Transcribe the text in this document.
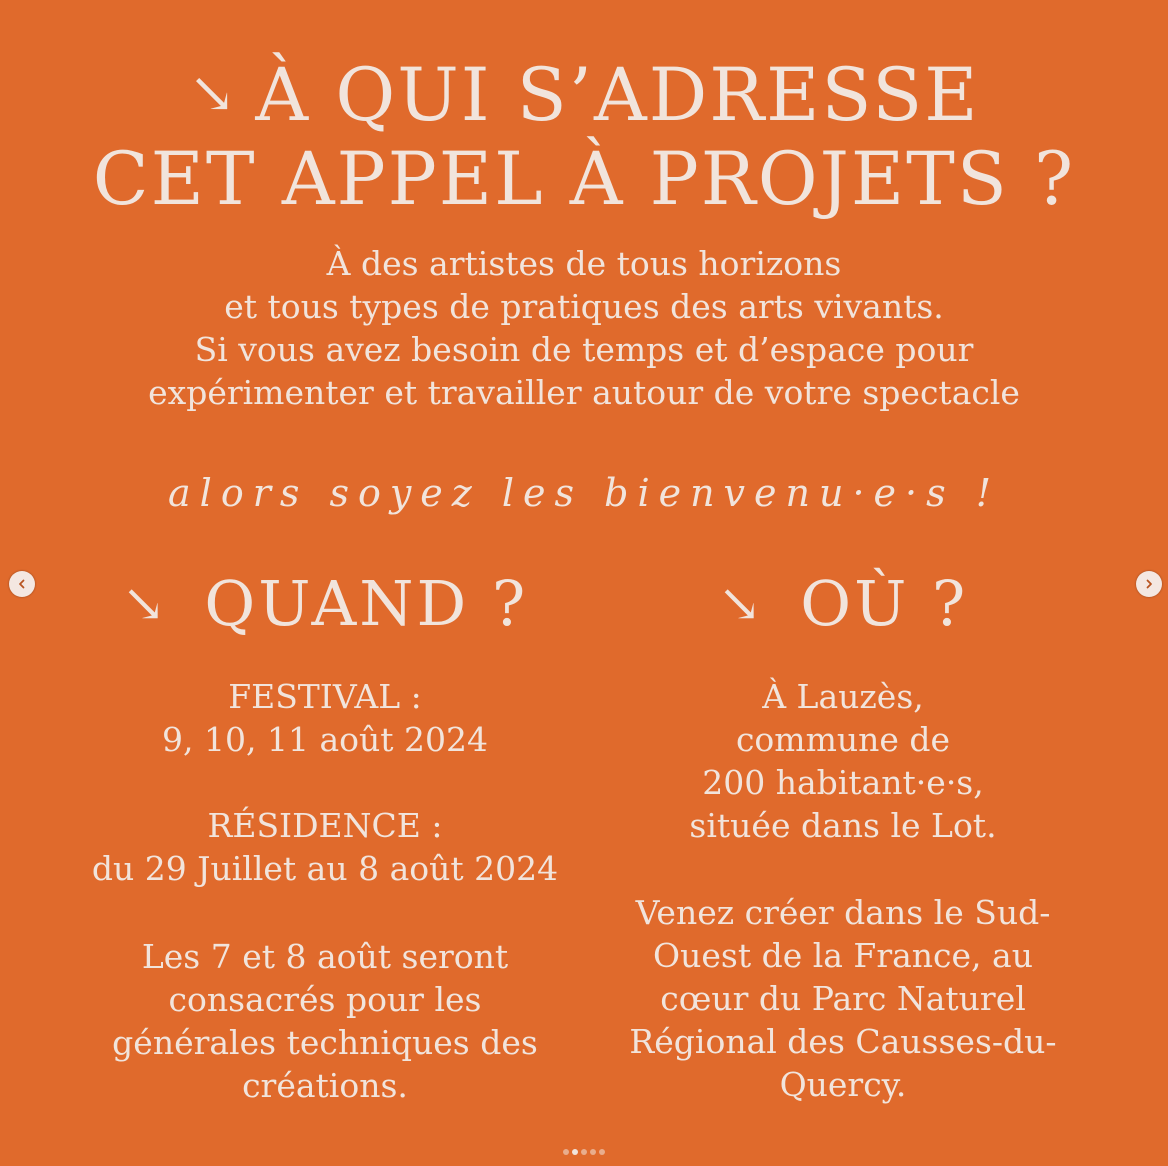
↘ À QUI S’ADRESSE
CET APPEL À PROJETS ?
À des artistes de tous horizons
et tous types de pratiques des arts vivants.
Si vous avez besoin de temps et d’espace pour
expérimenter et travailler autour de votre spectacle
alors soyez les bienvenu·e·s !
↘ QUAND ?
FESTIVAL :
9, 10, 11 août 2024
RÉSIDENCE :
du 29 Juillet au 8 août 2024
Les 7 et 8 août seront
consacrés pour les
générales techniques des
créations.
↘ OÙ ?
À Lauzès,
commune de
200 habitant·e·s,
située dans le Lot.
Venez créer dans le Sud-
Ouest de la France, au
cœur du Parc Naturel
Régional des Causses-du-
Quercy.
